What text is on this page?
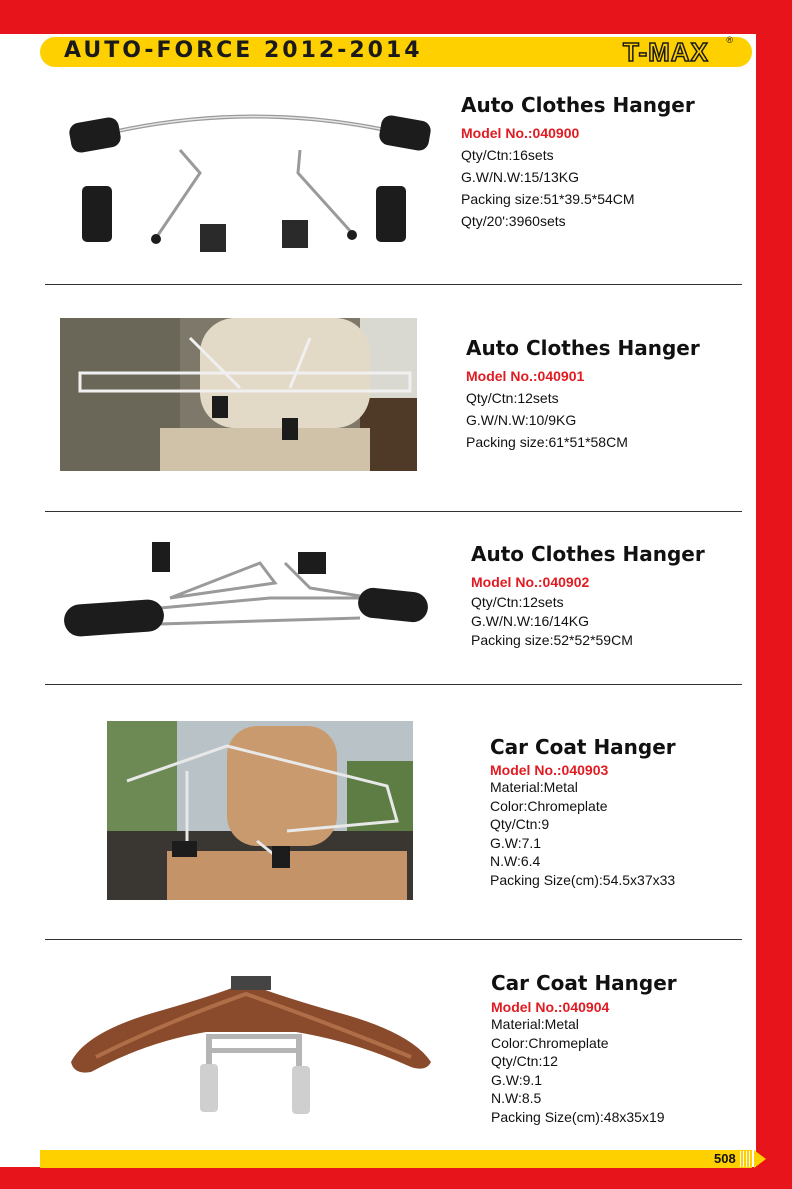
AUTO-FORCE 2012-2014	T-MAX ®
Auto Clothes Hanger
Model No.:040900
Qty/Ctn:16sets
G.W/N.W:15/13KG
Packing size:51*39.5*54CM
Qty/20':3960sets
Auto Clothes Hanger
Model No.:040901
Qty/Ctn:12sets
G.W/N.W:10/9KG
Packing size:61*51*58CM
Auto Clothes Hanger
Model No.:040902
Qty/Ctn:12sets
G.W/N.W:16/14KG
Packing size:52*52*59CM
Car Coat Hanger
Model No.:040903
Material:Metal
Color:Chromeplate
Qty/Ctn:9
G.W:7.1
N.W:6.4
Packing Size(cm):54.5x37x33
Car Coat Hanger
Model No.:040904
Material:Metal
Color:Chromeplate
Qty/Ctn:12
G.W:9.1
N.W:8.5
Packing Size(cm):48x35x19
508
